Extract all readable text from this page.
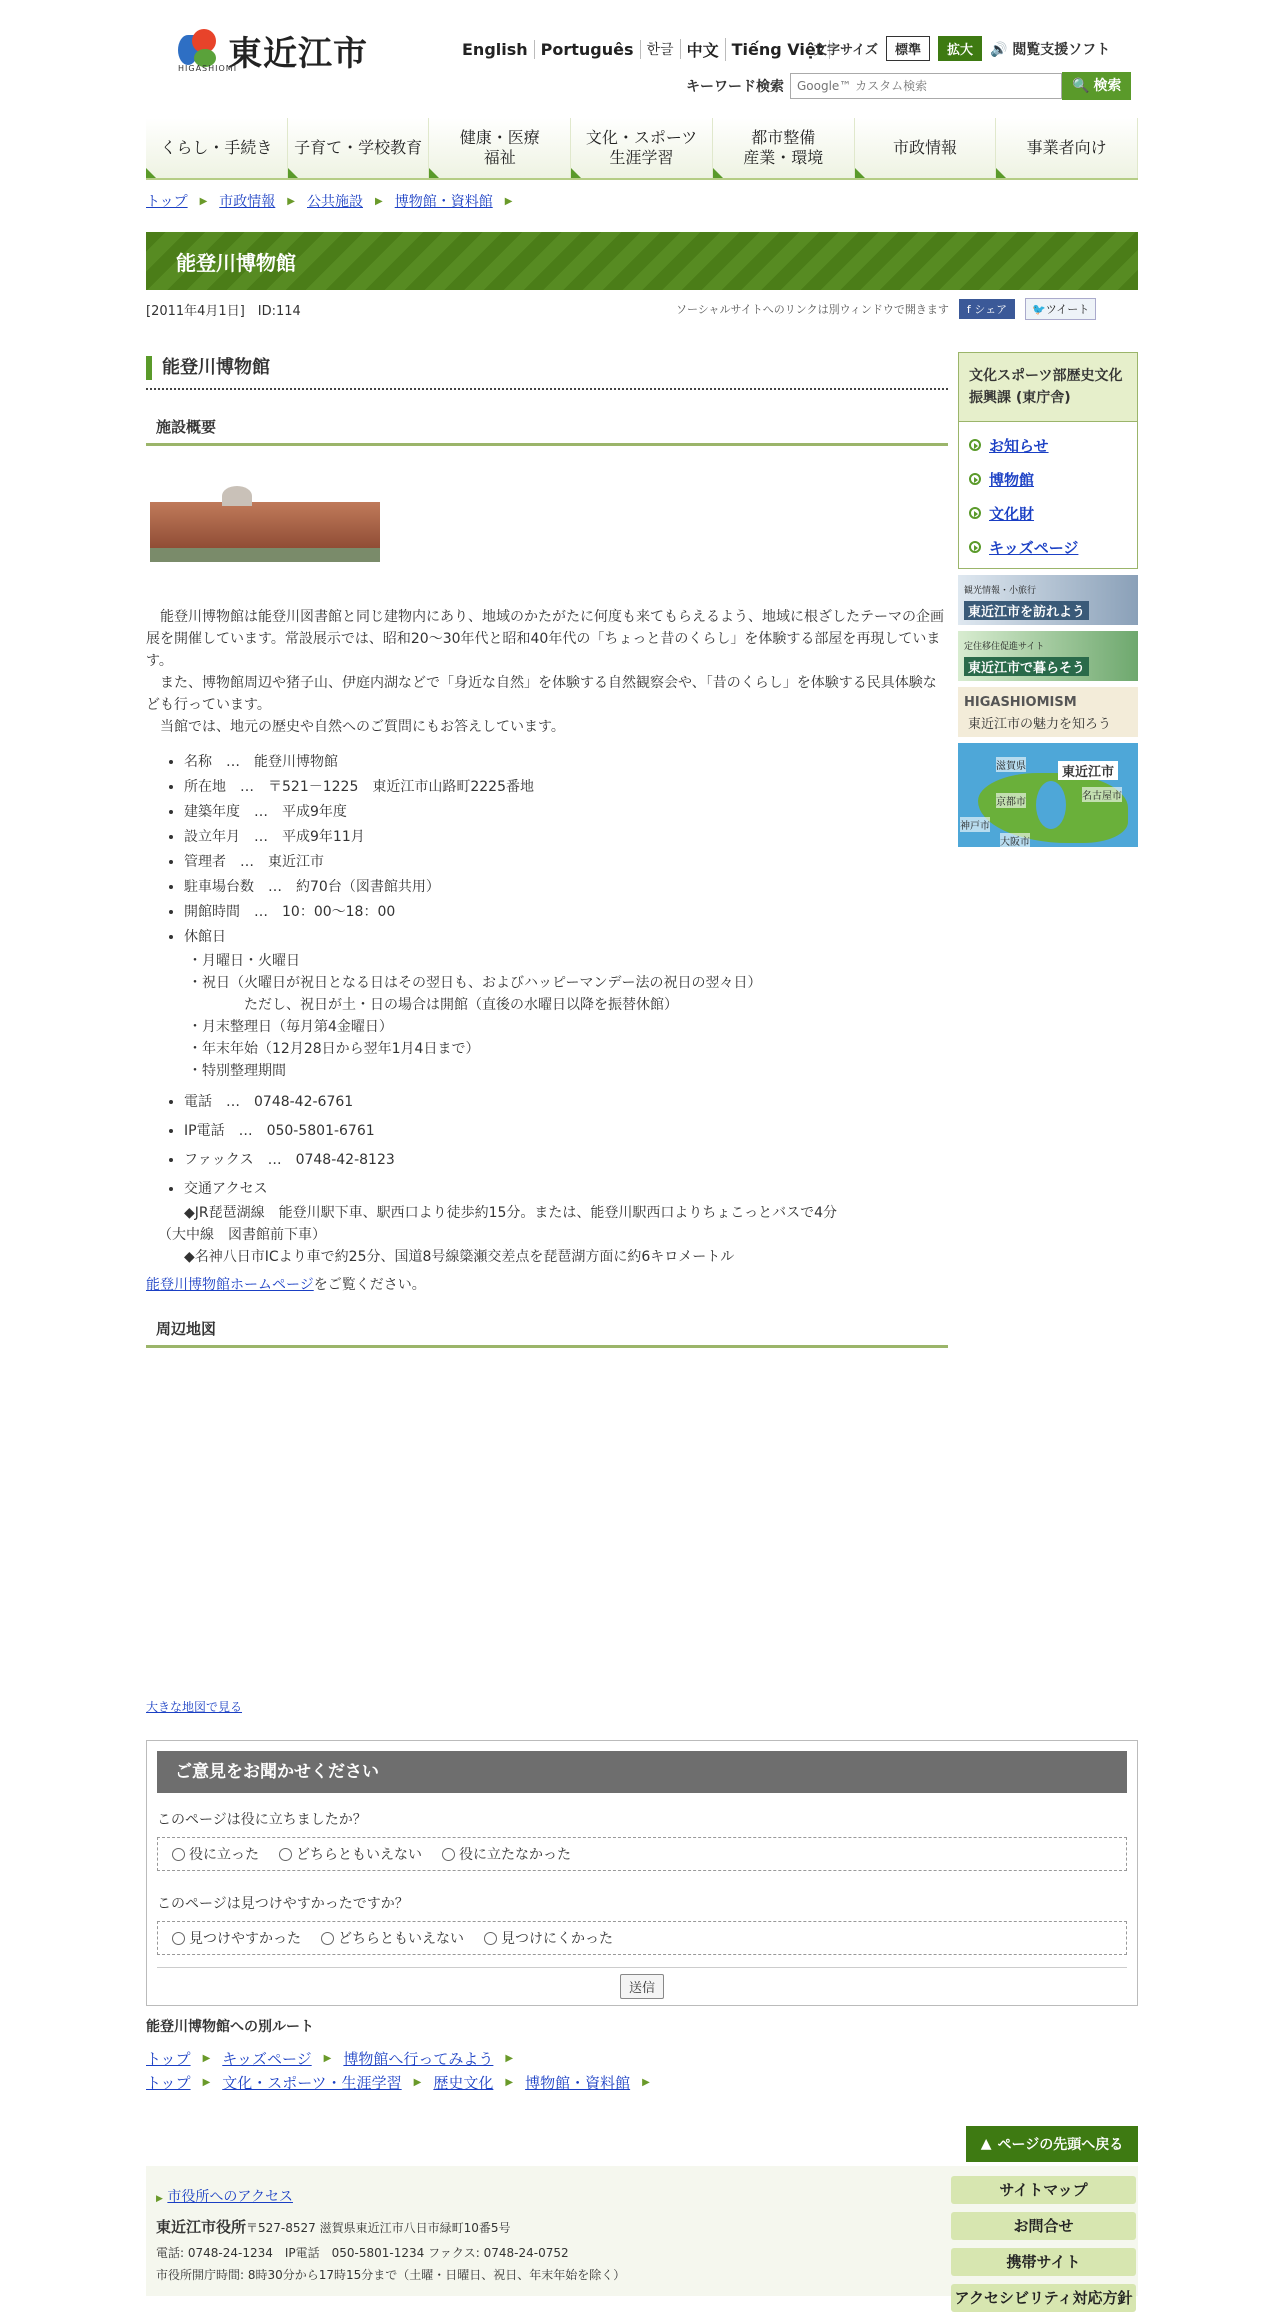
東近江市
HIGASHIOMI
English Português 한글 中文 Tiếng Việt
文字サイズ	標準	拡大	🔊 閲覧支援ソフト
キーワード検索
Google™ カスタム検索	🔍 検索
くらし・手続き 子育て・学校教育
健康・医療
福祉
文化・スポーツ
生涯学習
都市整備
産業・環境
市政情報	事業者向け
トップ ▶ 市政情報 ▶ 公共施設 ▶ 博物館・資料館 ▶
能登川博物館
[2011年4月1日]　ID:114	ソーシャルサイトへのリンクは別ウィンドウで開きます	f シェア	🐦ツイート
能登川博物館
施設概要

能登川博物館は能登川図書館と同じ建物内にあり、地域のかたがたに何度も来てもらえるよう、地域に根ざしたテーマの企画展を開催しています。常設展示では、昭和20～30年代と昭和40年代の「ちょっと昔のくらし」を体験する部屋を再現しています。

また、博物館周辺や猪子山、伊庭内湖などで「身近な自然」を体験する自然観察会や、「昔のくらし」を体験する民具体験なども行っています。

当館では、地元の歴史や自然へのご質問にもお答えしています。

• 名称　…　能登川博物館
• 所在地　…　〒521－1225　東近江市山路町2225番地
• 建築年度　…　平成9年度
• 設立年月　…　平成9年11月
• 管理者　…　東近江市
• 駐車場台数　…　約70台（図書館共用）
• 開館時間　…　10：00～18：00
• 休館日
・月曜日・火曜日
・祝日（火曜日が祝日となる日はその翌日も、およびハッピーマンデー法の祝日の翌々日）
　　　　ただし、祝日が土・日の場合は開館（直後の水曜日以降を振替休館）
・月末整理日（毎月第4金曜日）
・年末年始（12月28日から翌年1月4日まで）
・特別整理期間
• 電話　…　0748-42-6761
• IP電話　…　050-5801-6761
• ファックス　…　0748-42-8123
• 交通アクセス
◆JR琵琶湖線　能登川駅下車、駅西口より徒歩約15分。または、能登川駅西口よりちょこっとバスで4分
（大中線　図書館前下車）
◆名神八日市ICより車で約25分、国道8号線簗瀬交差点を琵琶湖方面に約6キロメートル
能登川博物館ホームページをご覧ください。
周辺地図
大きな地図で見る
ご意見をお聞かせください
このページは役に立ちましたか？
役に立った	どちらともいえない	役に立たなかった
このページは見つけやすかったですか？
見つけやすかった	どちらともいえない	見つけにくかった
送信
能登川博物館への別ルート
トップ ▶ キッズページ ▶ 博物館へ行ってみよう ▶
トップ ▶ 文化・スポーツ・生涯学習 ▶ 歴史文化 ▶ 博物館・資料館 ▶
文化スポーツ部歴史文化振興課 (東庁舎)
お知らせ
博物館
文化財
キッズページ
観光情報・小旅行
東近江市を訪れよう
定住移住促進サイト
東近江市で暮らそう
HIGASHIOMISM
東近江市の魅力を知ろう
東近江市
滋賀県
京都市
名古屋市
神戸市
大阪市
▲ ページの先頭へ戻る
▶ 市役所へのアクセス
東近江市役所〒527-8527 滋賀県東近江市八日市緑町10番5号
電話: 0748-24-1234　IP電話　050-5801-1234 ファクス: 0748-24-0752
市役所開庁時間: 8時30分から17時15分まで（土曜・日曜日、祝日、年末年始を除く）
サイトマップ
お問合せ
携帯サイト
アクセシビリティ対応方針
